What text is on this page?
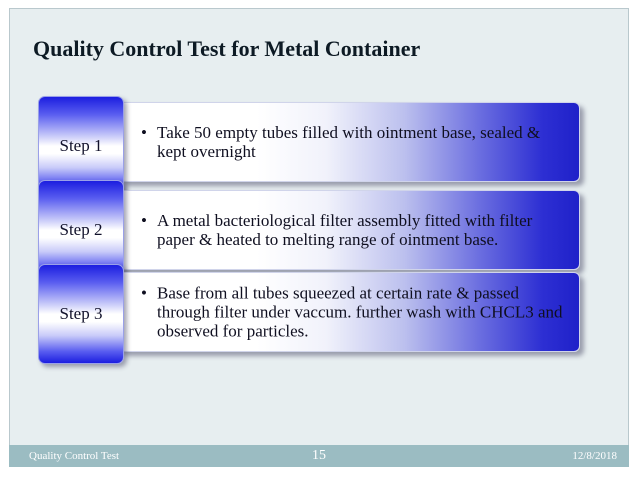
Quality Control Test for Metal Container
• Take 50 empty tubes filled with ointment base, sealed & kept overnight
Step 1
• A metal bacteriological filter assembly fitted with filter paper & heated to melting range of ointment base.
Step 2
• Base from all tubes squeezed at certain rate & passed through filter under vaccum. further wash with CHCL3 and observed for particles.
Step 3
Quality Control Test	15	12/8/2018
